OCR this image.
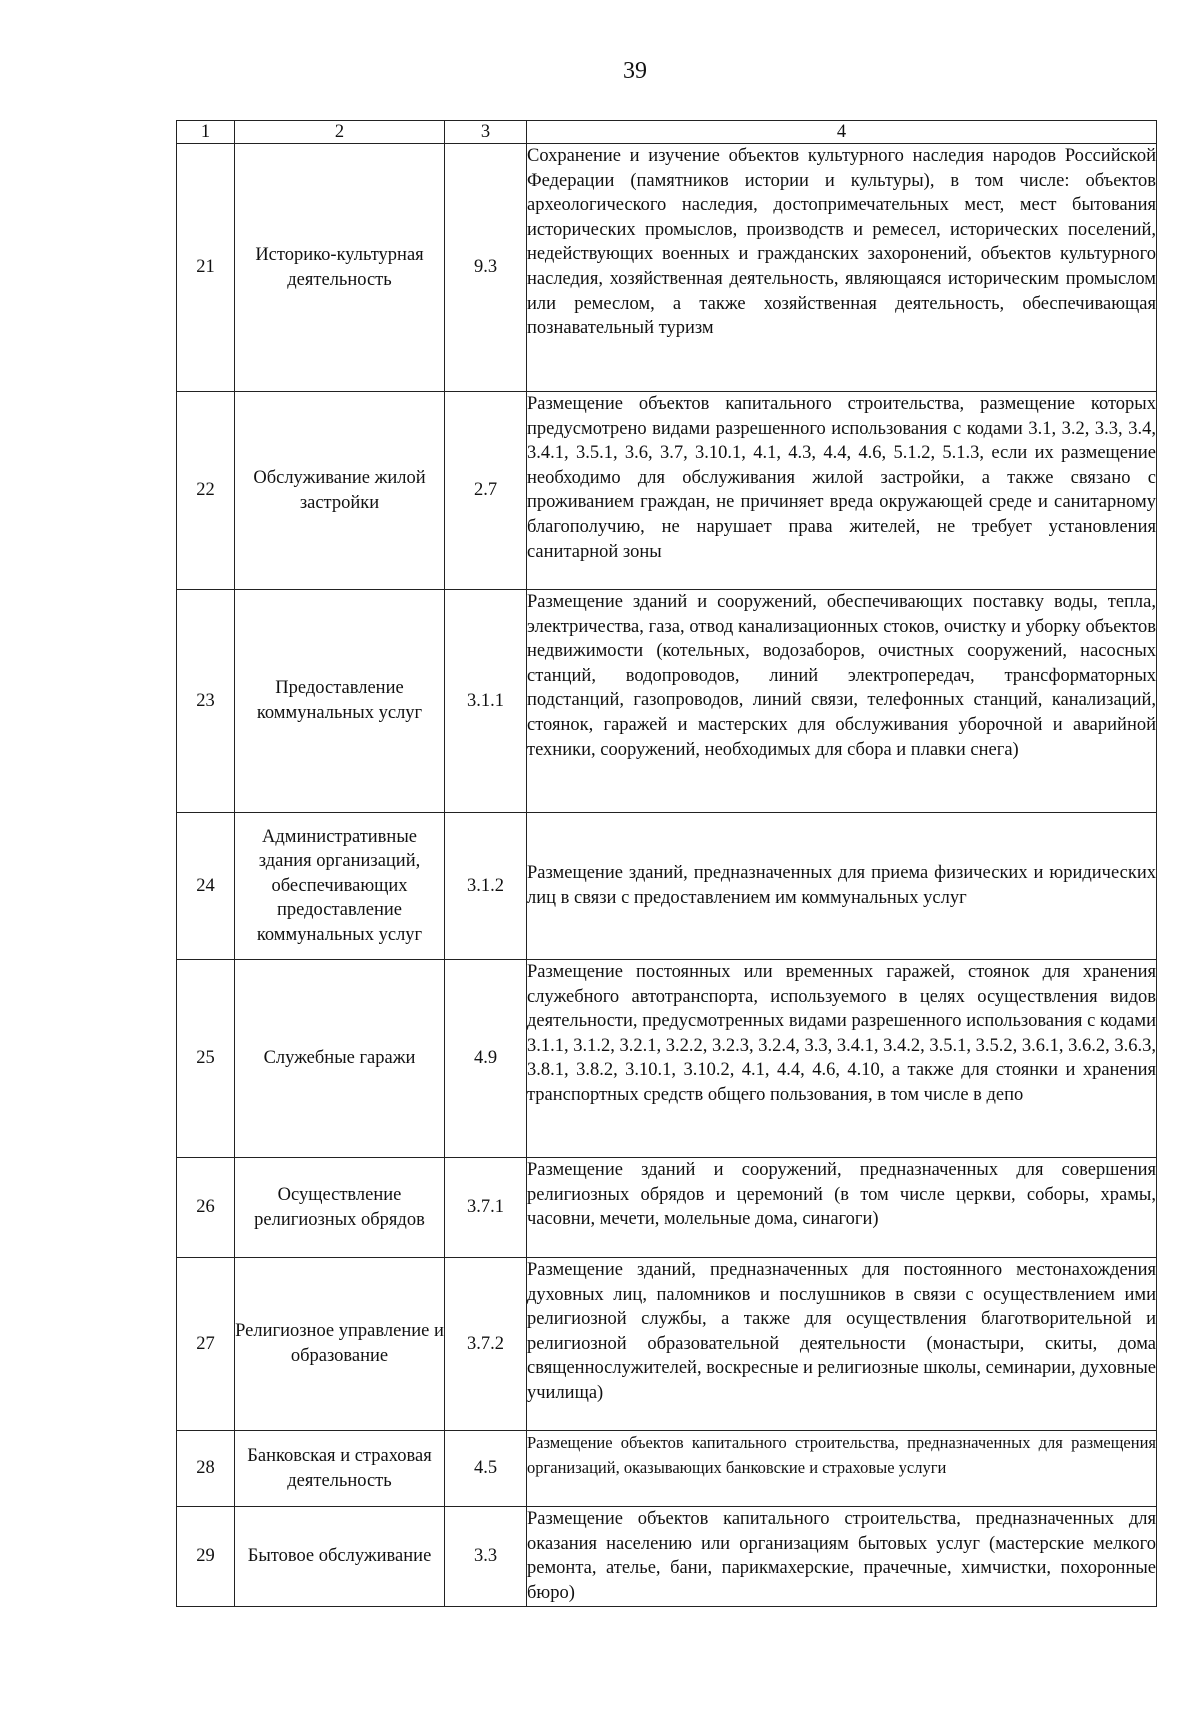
39
1	2	3	4
21	Историко-культурная деятельность	9.3	Сохранение и изучение объектов культурного наследия народов Российской Федерации (памятников истории и культуры), в том числе: объектов археологического наследия, достопримечательных мест, мест бытования исторических промыслов, производств и ремесел, исторических поселений, недействующих военных и гражданских захоронений, объектов культурного наследия, хозяйственная деятельность, являющаяся историческим промыслом или ремеслом, а также хозяйственная деятельность, обеспечивающая познавательный туризм
22	Обслуживание жилой застройки	2.7	Размещение объектов капитального строительства, размещение которых предусмотрено видами разрешенного использования с кодами 3.1, 3.2, 3.3, 3.4, 3.4.1, 3.5.1, 3.6, 3.7, 3.10.1, 4.1, 4.3, 4.4, 4.6, 5.1.2, 5.1.3, если их размещение необходимо для обслуживания жилой застройки, а также связано с проживанием граждан, не причиняет вреда окружающей среде и санитарному благополучию, не нарушает права жителей, не требует установления санитарной зоны
23	Предоставление коммунальных услуг	3.1.1	Размещение зданий и сооружений, обеспечивающих поставку воды, тепла, электричества, газа, отвод канализационных стоков, очистку и уборку объектов недвижимости (котельных, водозаборов, очистных сооружений, насосных станций, водопроводов, линий электропередач, трансформаторных подстанций, газопроводов, линий связи, телефонных станций, канализаций, стоянок, гаражей и мастерских для обслуживания уборочной и аварийной техники, сооружений, необходимых для сбора и плавки снега)
24	Административные здания организаций, обеспечивающих предоставление коммунальных услуг	3.1.2	Размещение зданий, предназначенных для приема физических и юридических лиц в связи с предоставлением им коммунальных услуг
25	Служебные гаражи	4.9	Размещение постоянных или временных гаражей, стоянок для хранения служебного автотранспорта, используемого в целях осуществления видов деятельности, предусмотренных видами разрешенного использования с кодами 3.1.1, 3.1.2, 3.2.1, 3.2.2, 3.2.3, 3.2.4, 3.3, 3.4.1, 3.4.2, 3.5.1, 3.5.2, 3.6.1, 3.6.2, 3.6.3, 3.8.1, 3.8.2, 3.10.1, 3.10.2, 4.1, 4.4, 4.6, 4.10, а также для стоянки и хранения транспортных средств общего пользования, в том числе в депо
26	Осуществление религиозных обрядов	3.7.1	Размещение зданий и сооружений, предназначенных для совершения религиозных обрядов и церемоний (в том числе церкви, соборы, храмы, часовни, мечети, молельные дома, синагоги)
27	Религиозное управление и образование	3.7.2	Размещение зданий, предназначенных для постоянного местонахождения духовных лиц, паломников и послушников в связи с осуществлением ими религиозной службы, а также для осуществления благотворительной и религиозной образовательной деятельности (монастыри, скиты, дома священнослужителей, воскресные и религиозные школы, семинарии, духовные училища)
28	Банковская и страховая деятельность	4.5	Размещение объектов капитального строительства, предназначенных для размещения организаций, оказывающих банковские и страховые услуги
29	Бытовое обслуживание	3.3	Размещение объектов капитального строительства, предназначенных для оказания населению или организациям бытовых услуг (мастерские мелкого ремонта, ателье, бани, парикмахерские, прачечные, химчистки, похоронные бюро)
